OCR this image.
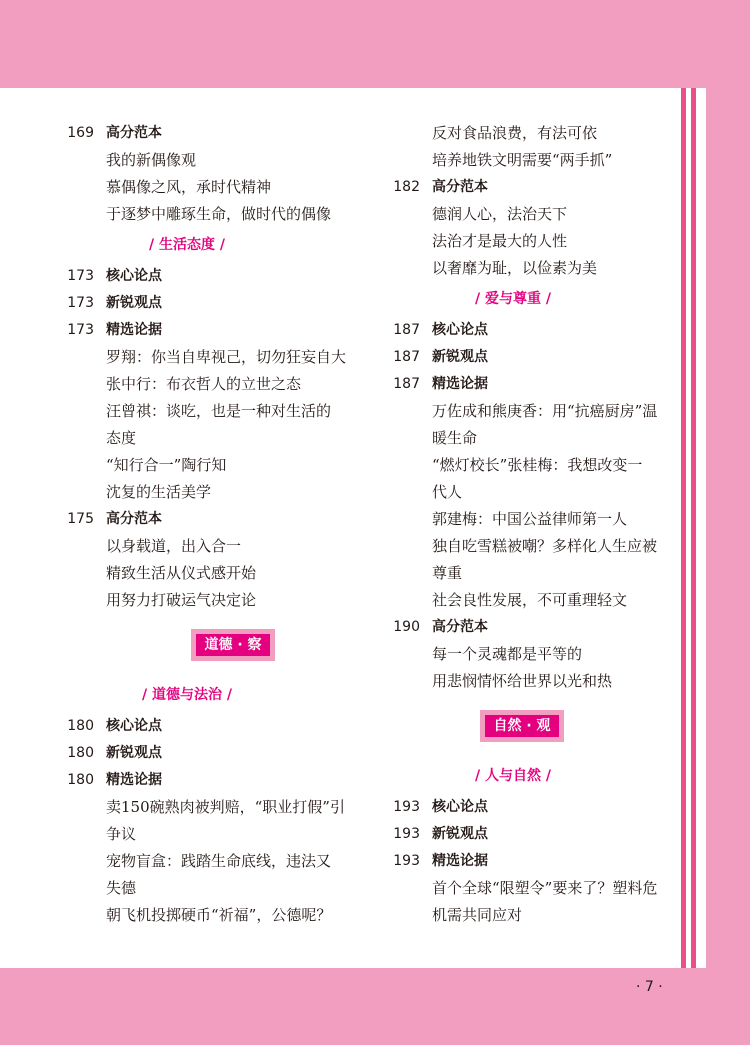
169 高分范本
我的新偶像观
慕偶像之风，承时代精神
于逐梦中雕琢生命，做时代的偶像
/ 生活态度 /
173 核心论点
173 新锐观点
173 精选论据
罗翔：你当自卑视己，切勿狂妄自大
张中行：布衣哲人的立世之态
汪曾祺：谈吃，也是一种对生活的
态度
“知行合一”陶行知
沈复的生活美学
175 高分范本
以身载道，出入合一
精致生活从仪式感开始
用努力打破运气决定论
道德 · 察
/ 道德与法治 /
180 核心论点
180 新锐观点
180 精选论据
卖150碗熟肉被判赔，“职业打假”引
争议
宠物盲盒：践踏生命底线，违法又
失德
朝飞机投掷硬币“祈福”，公德呢？
反对食品浪费，有法可依
培养地铁文明需要“两手抓”
182 高分范本
德润人心，法治天下
法治才是最大的人性
以奢靡为耻，以俭素为美
/ 爱与尊重 /
187 核心论点
187 新锐观点
187 精选论据
万佐成和熊庚香：用“抗癌厨房”温
暖生命
“燃灯校长”张桂梅：我想改变一
代人
郭建梅：中国公益律师第一人
独自吃雪糕被嘲？多样化人生应被
尊重
社会良性发展，不可重理轻文
190 高分范本
每一个灵魂都是平等的
用悲悯情怀给世界以光和热
自然 · 观
/ 人与自然 /
193 核心论点
193 新锐观点
193 精选论据
首个全球“限塑令”要来了？塑料危
机需共同应对
· 7 ·
